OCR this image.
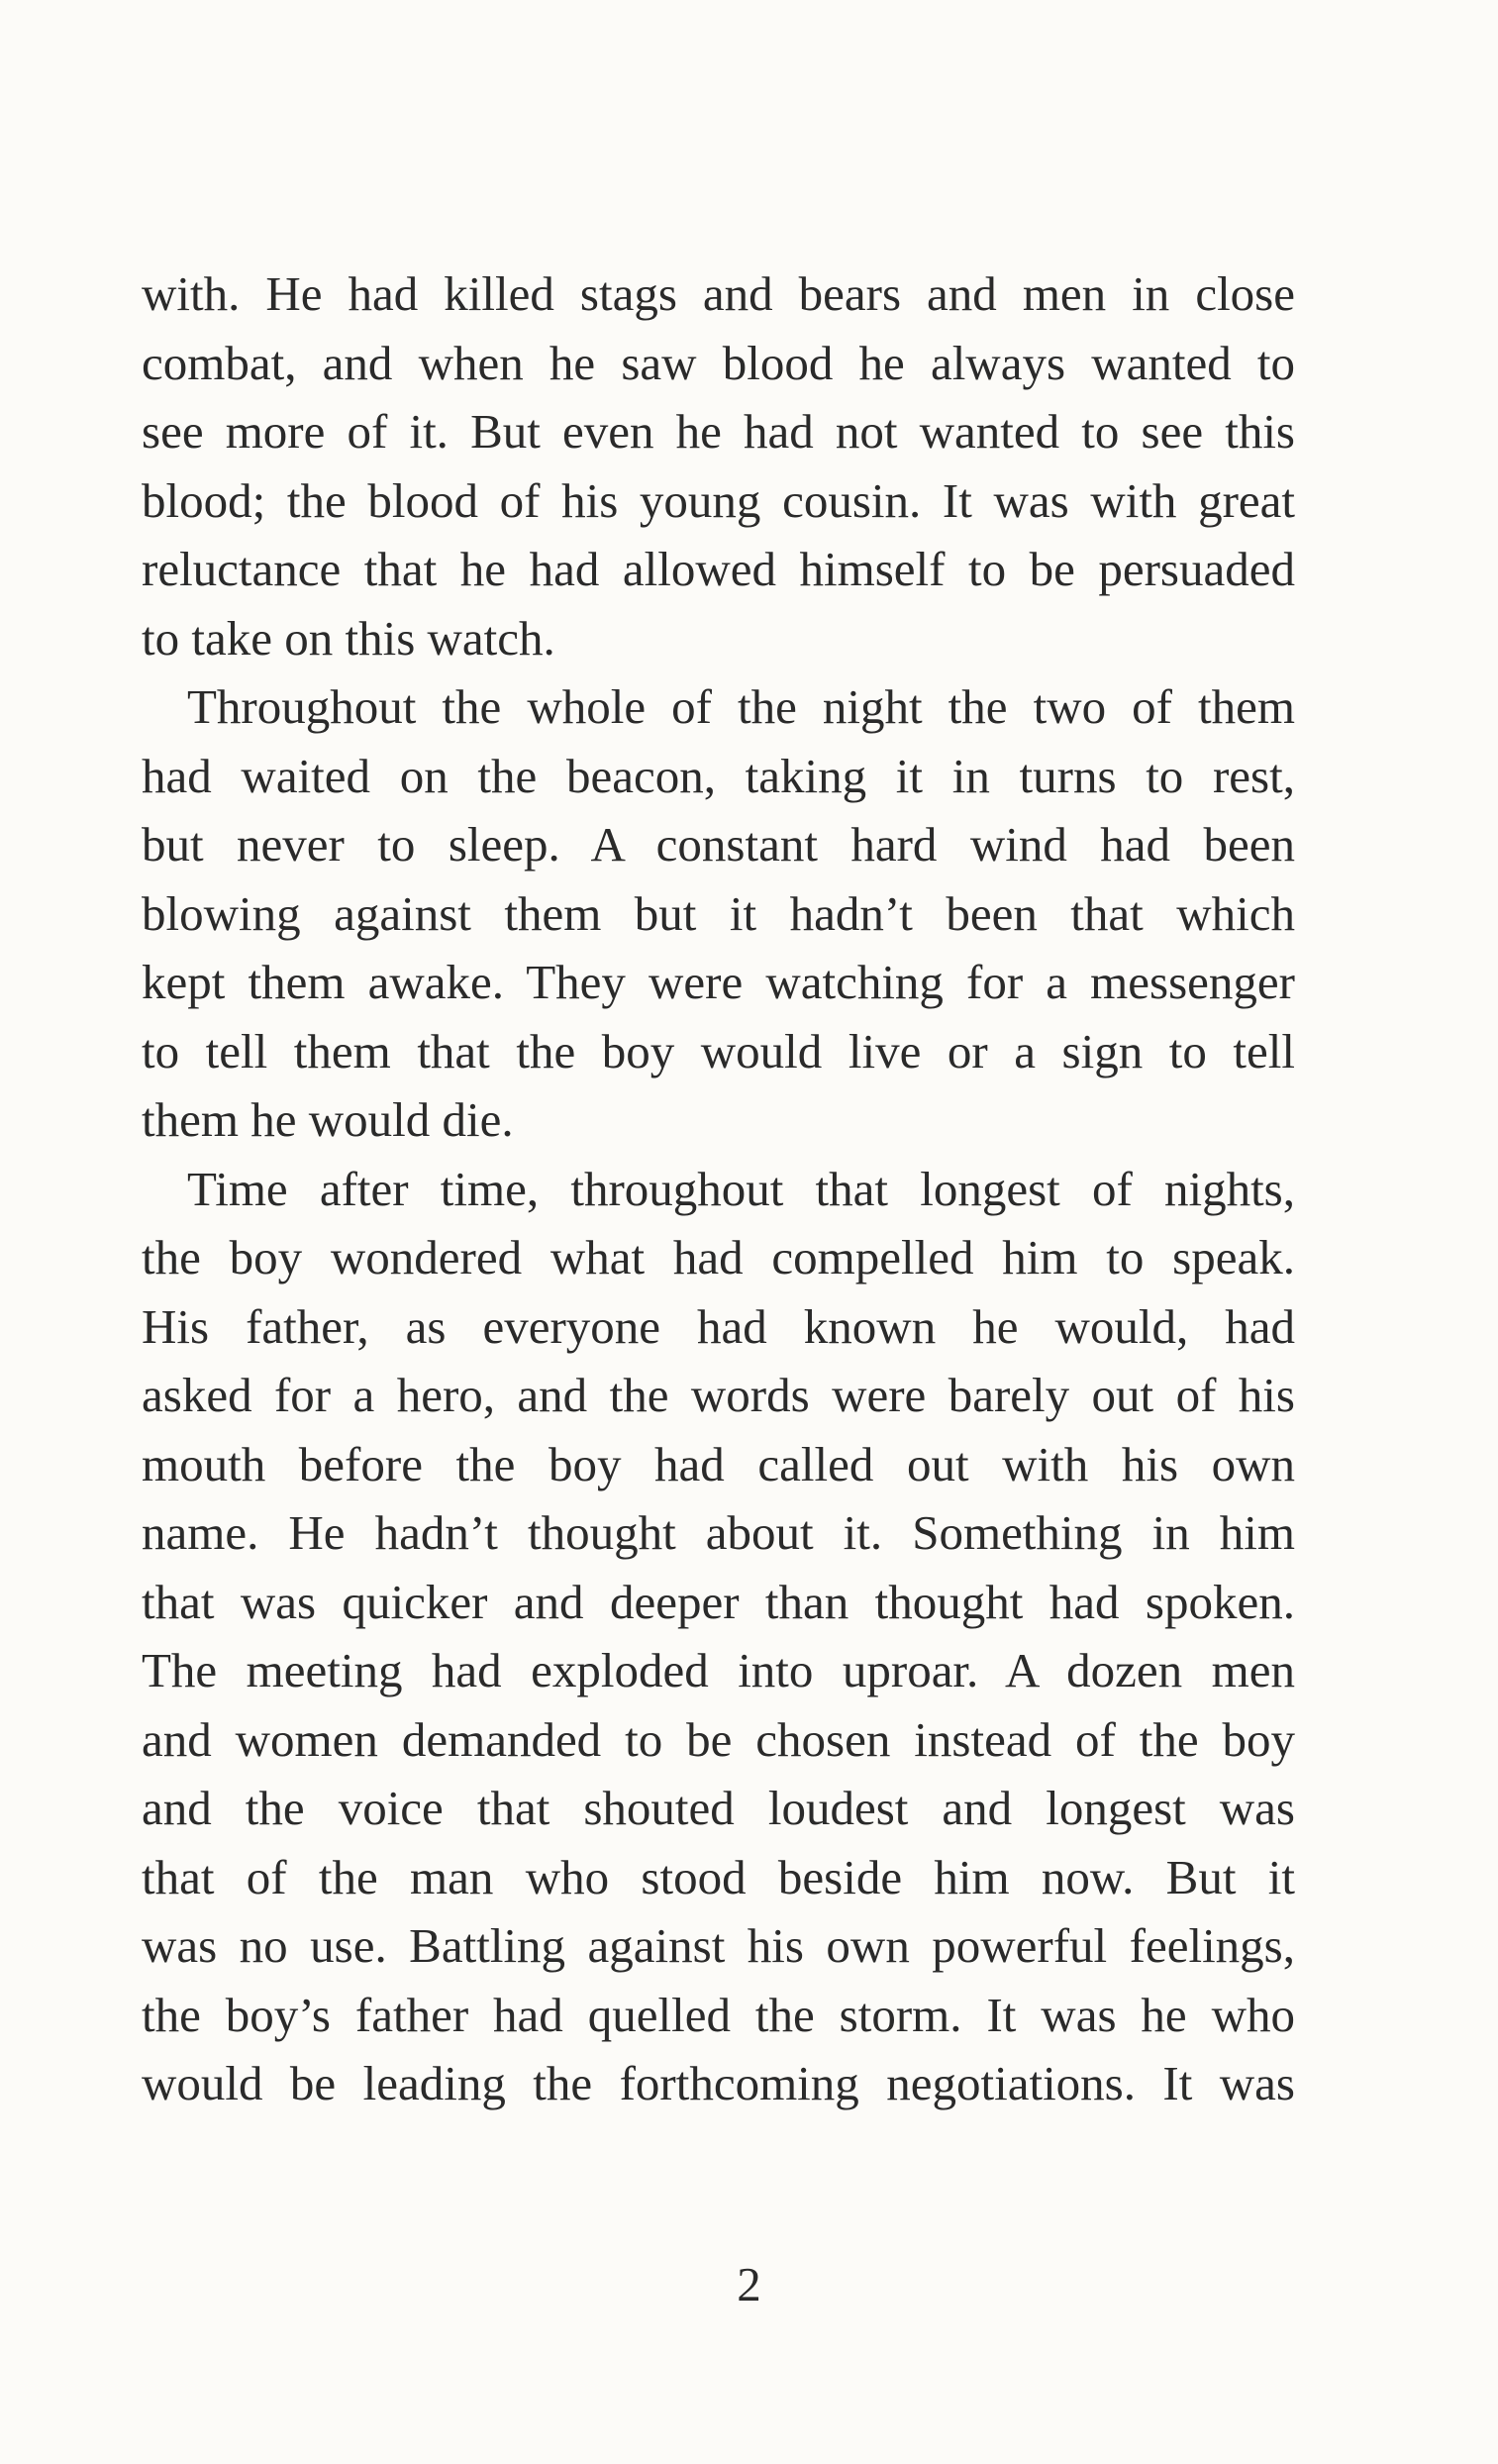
with. He had killed stags and bears and men in close
combat, and when he saw blood he always wanted to
see more of it. But even he had not wanted to see this
blood; the blood of his young cousin. It was with great
reluctance that he had allowed himself to be persuaded
to take on this watch.
Throughout the whole of the night the two of them
had waited on the beacon, taking it in turns to rest,
but never to sleep. A constant hard wind had been
blowing against them but it hadn’t been that which
kept them awake. They were watching for a messenger
to tell them that the boy would live or a sign to tell
them he would die.
Time after time, throughout that longest of nights,
the boy wondered what had compelled him to speak.
His father, as everyone had known he would, had
asked for a hero, and the words were barely out of his
mouth before the boy had called out with his own
name. He hadn’t thought about it. Something in him
that was quicker and deeper than thought had spoken.
The meeting had exploded into uproar. A dozen men
and women demanded to be chosen instead of the boy
and the voice that shouted loudest and longest was
that of the man who stood beside him now. But it
was no use. Battling against his own powerful feelings,
the boy’s father had quelled the storm. It was he who
would be leading the forthcoming negotiations. It was
2
